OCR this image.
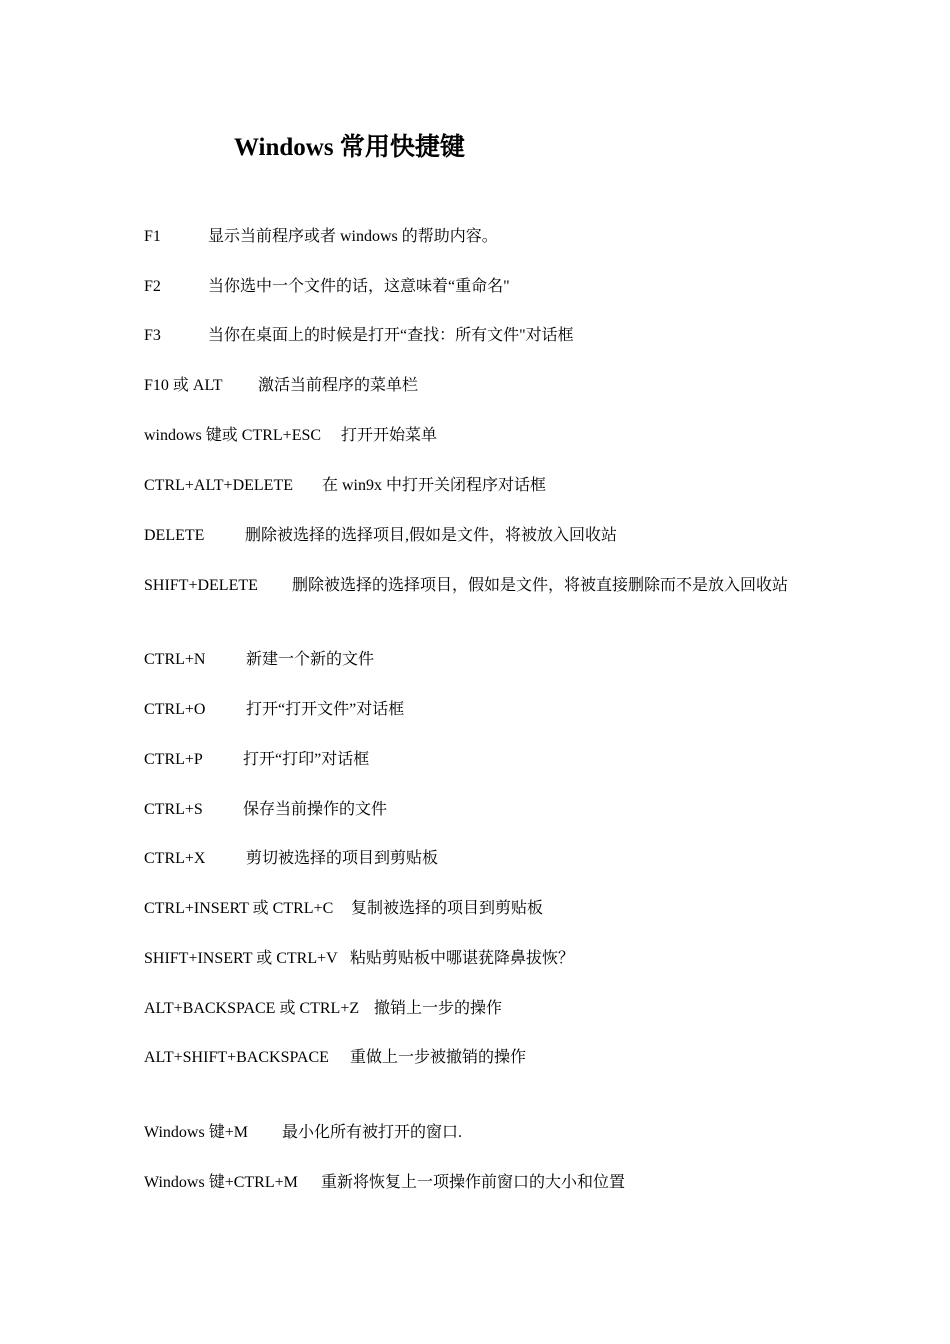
Windows 常用快捷键
F1	显示当前程序或者 windows 的帮助内容。
F2	当你选中一个文件的话，这意味着“重命名"
F3	当你在桌面上的时候是打开“查找：所有文件"对话框
F10 或 ALT 激活当前程序的菜单栏
windows 键或 CTRL+ESC 打开开始菜单
CTRL+ALT+DELETE 在 win9x 中打开关闭程序对话框
DELETE	删除被选择的选择项目,假如是文件，将被放入回收站
SHIFT+DELETE 删除被选择的选择项目，假如是文件，将被直接删除而不是放入回收站
CTRL+N	新建一个新的文件
CTRL+O	打开“打开文件”对话框
CTRL+P	打开“打印”对话框
CTRL+S	保存当前操作的文件
CTRL+X	剪切被选择的项目到剪贴板
CTRL+INSERT 或 CTRL+C 复制被选择的项目到剪贴板
SHIFT+INSERT 或 CTRL+V 粘贴剪贴板中哪谌莸降鼻拔恢？
ALT+BACKSPACE 或 CTRL+Z 撤销上一步的操作
ALT+SHIFT+BACKSPACE 重做上一步被撤销的操作
Windows 键+M 最小化所有被打开的窗口.
Windows 键+CTRL+M 重新将恢复上一项操作前窗口的大小和位置
